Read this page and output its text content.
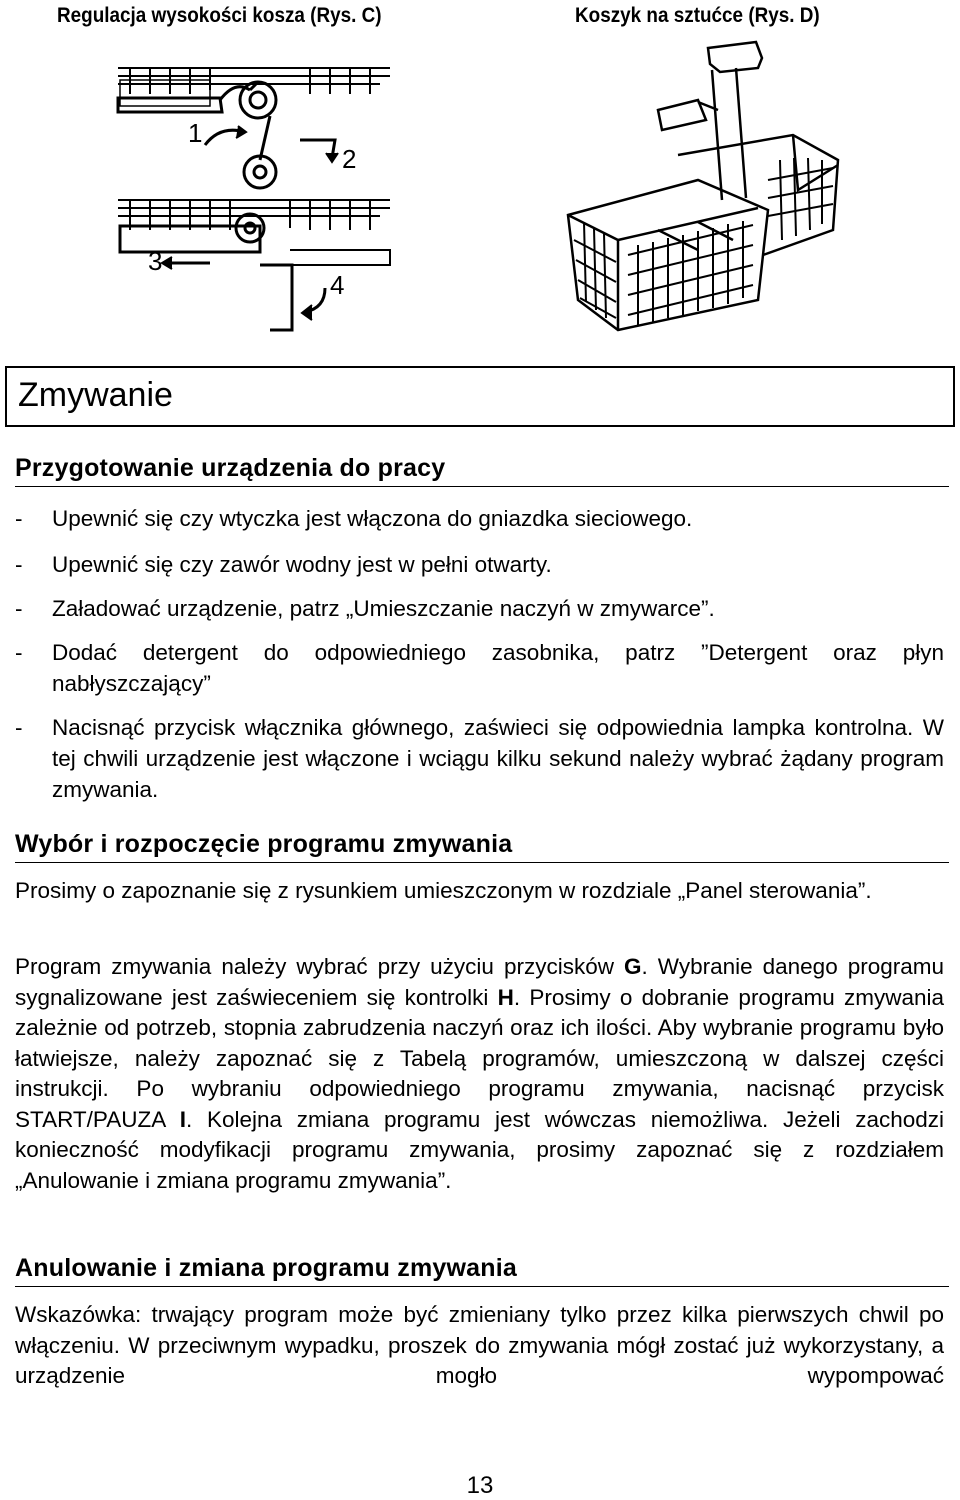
Regulacja wysokości kosza (Rys. C)	Koszyk na sztućce (Rys. D)
1
2
3
4
Zmywanie
Przygotowanie urządzenia do pracy
-	Upewnić się czy wtyczka jest włączona do gniazdka sieciowego.
-	Upewnić się czy zawór wodny jest w pełni otwarty.
-	Załadować urządzenie, patrz „Umieszczanie naczyń w zmywarce”.
-	Dodać detergent do odpowiedniego zasobnika, patrz ”Detergent oraz płyn nabłyszczający”
-	Nacisnąć przycisk włącznika głównego, zaświeci się odpowiednia lampka kontrolna. W tej chwili urządzenie jest włączone i wciągu kilku sekund należy wybrać żądany program zmywania.
Wybór i rozpoczęcie programu zmywania
Prosimy o zapoznanie się z rysunkiem umieszczonym w rozdziale „Panel sterowania”.
Program zmywania należy wybrać przy użyciu przycisków G. Wybranie danego programu sygnalizowane jest zaświeceniem się kontrolki H. Prosimy o dobranie programu zmywania zależnie od potrzeb, stopnia zabrudzenia naczyń oraz ich ilości. Aby wybranie programu było łatwiejsze, należy zapoznać się z Tabelą programów, umieszczoną w dalszej części instrukcji. Po wybraniu odpowiedniego programu zmywania, nacisnąć przycisk START/PAUZA I. Kolejna zmiana programu jest wówczas niemożliwa. Jeżeli zachodzi konieczność modyfikacji programu zmywania, prosimy zapoznać się z rozdziałem „Anulowanie i zmiana programu zmywania”.
Anulowanie i zmiana programu zmywania
Wskazówka: trwający program może być zmieniany tylko przez kilka pierwszych chwil po włączeniu. W przeciwnym wypadku, proszek do zmywania mógł zostać już wykorzystany, a urządzenie mogło wypompować
13
